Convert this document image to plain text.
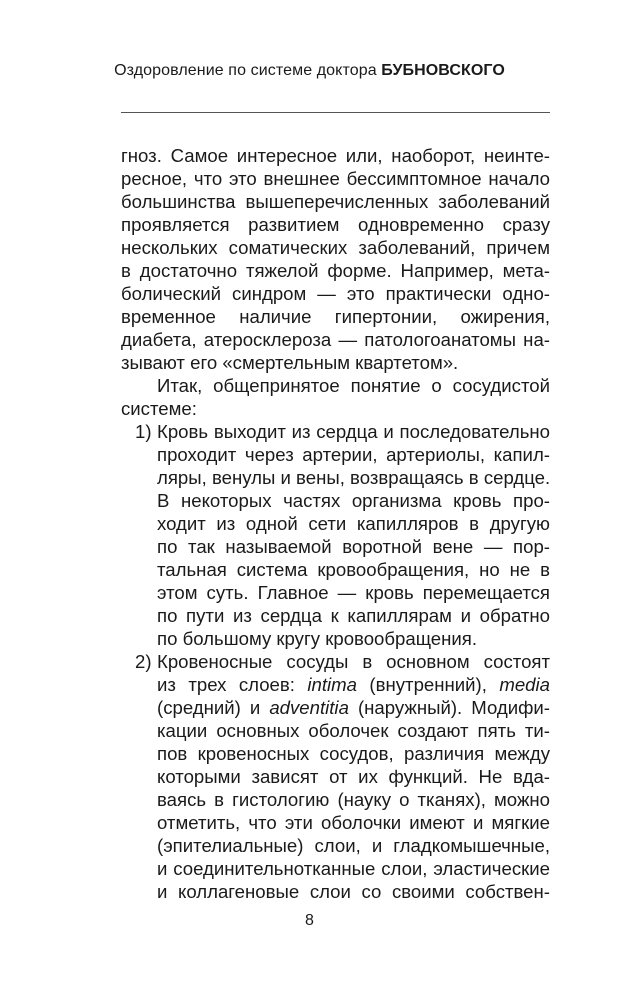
Оздоровление по системе доктора БУБНОВСКОГО
гноз. Самое интересное или, наоборот, неинте-
ресное, что это внешнее бессимптомное начало
большинства вышеперечисленных заболеваний
проявляется развитием одновременно сразу
нескольких соматических заболеваний, причем
в достаточно тяжелой форме. Например, мета-
болический синдром — это практически одно-
временное наличие гипертонии, ожирения,
диабета, атеросклероза — патологоанатомы на-
зывают его «смертельным квартетом».
Итак, общепринятое понятие о сосудистой
системе:
1) Кровь выходит из сердца и последовательно
проходит через артерии, артериолы, капил-
ляры, венулы и вены, возвращаясь в сердце.
В некоторых частях организма кровь про-
ходит из одной сети капилляров в другую
по так называемой воротной вене — пор-
тальная система кровообращения, но не в
этом суть. Главное — кровь перемещается
по пути из сердца к капиллярам и обратно
по большому кругу кровообращения.
2) Кровеносные сосуды в основном состоят
из трех слоев: intima (внутренний), media
(средний) и adventitia (наружный). Модифи-
кации основных оболочек создают пять ти-
пов кровеносных сосудов, различия между
которыми зависят от их функций. Не вда-
ваясь в гистологию (науку о тканях), можно
отметить, что эти оболочки имеют и мягкие
(эпителиальные) слои, и гладкомышечные,
и соединительнотканные слои, эластические
и коллагеновые слои со своими собствен-
8
